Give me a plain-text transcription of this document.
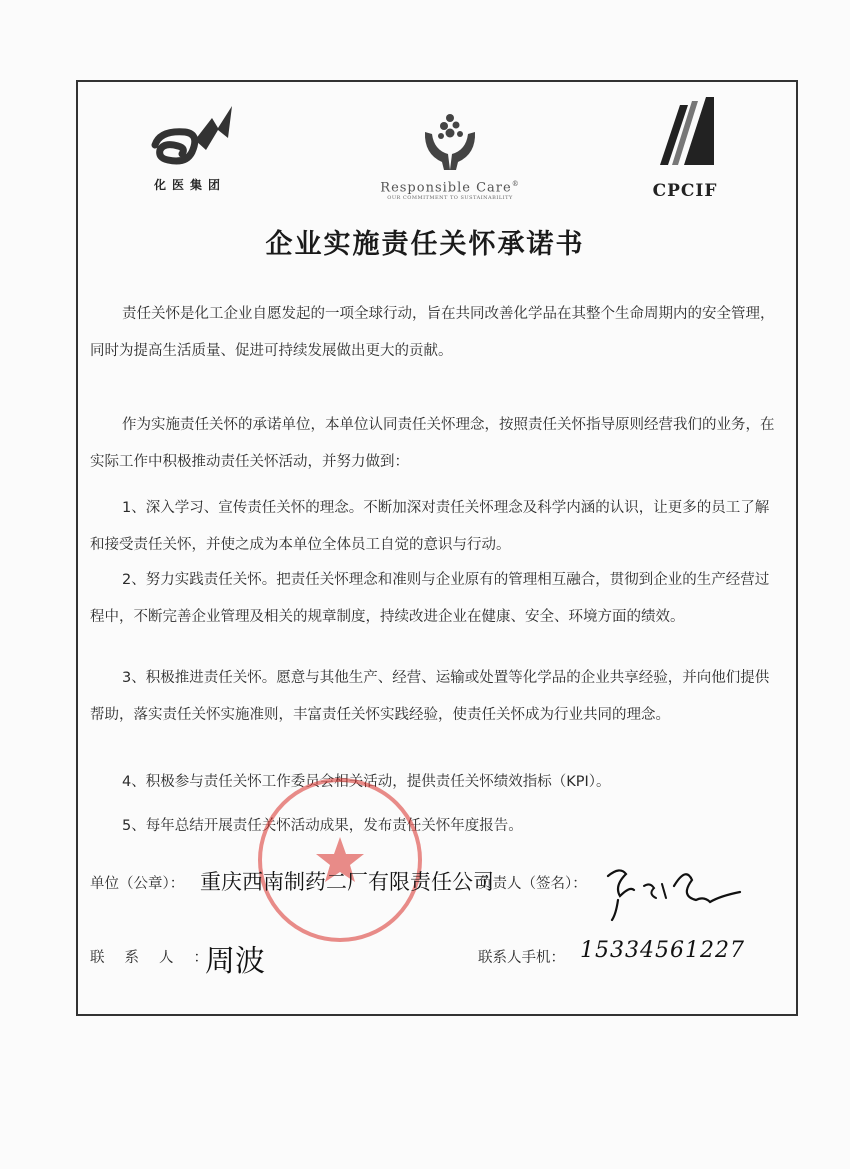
化医集团	Responsible Care®
OUR COMMITMENT TO SUSTAINABILITY	CPCIF
企业实施责任关怀承诺书
责任关怀是化工企业自愿发起的一项全球行动，旨在共同改善化学品在其整个生命周期内的安全管理，同时为提高生活质量、促进可持续发展做出更大的贡献。
作为实施责任关怀的承诺单位，本单位认同责任关怀理念，按照责任关怀指导原则经营我们的业务，在实际工作中积极推动责任关怀活动，并努力做到：
1、深入学习、宣传责任关怀的理念。不断加深对责任关怀理念及科学内涵的认识，让更多的员工了解和接受责任关怀，并使之成为本单位全体员工自觉的意识与行动。
2、努力实践责任关怀。把责任关怀理念和准则与企业原有的管理相互融合，贯彻到企业的生产经营过程中，不断完善企业管理及相关的规章制度，持续改进企业在健康、安全、环境方面的绩效。
3、积极推进责任关怀。愿意与其他生产、经营、运输或处置等化学品的企业共享经验，并向他们提供帮助，落实责任关怀实施准则，丰富责任关怀实践经验，使责任关怀成为行业共同的理念。
4、积极参与责任关怀工作委员会相关活动，提供责任关怀绩效指标（KPI）。
5、每年总结开展责任关怀活动成果，发布责任关怀年度报告。
单位（公章）： 重庆西南制药二厂有限责任公司
负责人（签名）：
联系人：
周波	联系人手机： 15334561227
